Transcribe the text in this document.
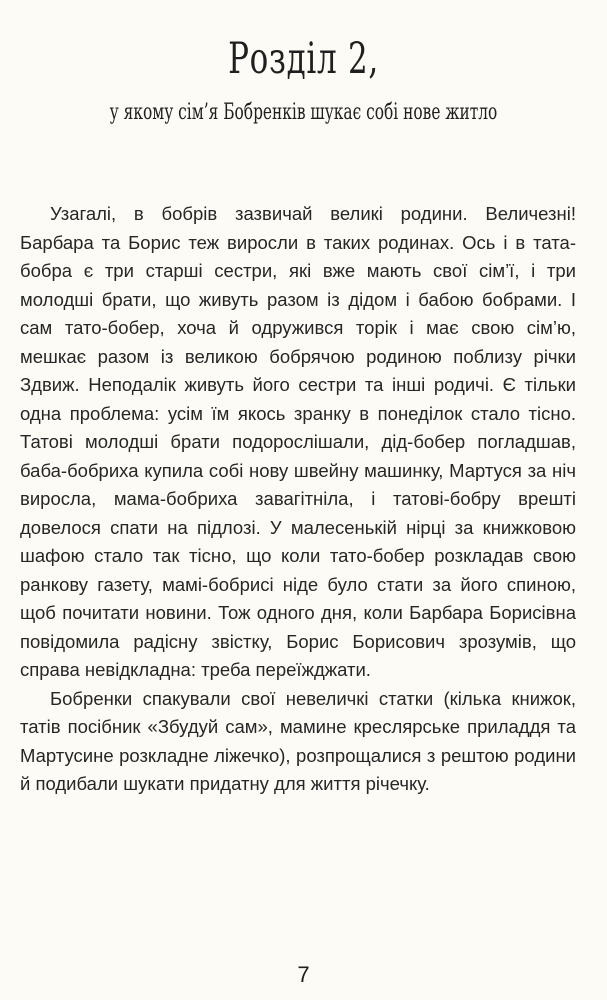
Розділ 2,
у якому сім’я Бобренків шукає собі нове житло

Узагалі, в бобрів зазвичай великі родини. Величезні! Барбара та Борис теж виросли в таких родинах. Ось і в тата-бобра є три старші сестри, які вже мають свої сім’ї, і три молодші брати, що живуть разом із дідом і бабою бобрами. І сам тато-бобер, хоча й одружився торік і має свою сім’ю, мешкає разом із великою бобрячою родиною поблизу річки Здвиж. Неподалік живуть його сестри та інші родичі. Є тільки одна проблема: усім їм якось зранку в понеділок стало тісно. Татові молодші брати подорослішали, дід-бобер погладшав, баба-бобриха купила собі нову швейну машинку, Мартуся за ніч виросла, мама-бобриха завагітніла, і татові-бобру врешті довелося спати на підлозі. У малесенькій нірці за книжковою шафою стало так тісно, що коли тато-бобер розкладав свою ранкову газету, мамі-бобрисі ніде було стати за його спиною, щоб почитати новини. Тож одного дня, коли Барбара Борисівна повідомила радісну звістку, Борис Борисович зрозумів, що справа невідкладна: треба переїжджати.

Бобренки спакували свої невеличкі статки (кілька книжок, татів посібник «Збудуй сам», мамине креслярське приладдя та Мартусине розкладне ліжечко), розпрощалися з рештою родини й подибали шукати придатну для життя річечку.

7
